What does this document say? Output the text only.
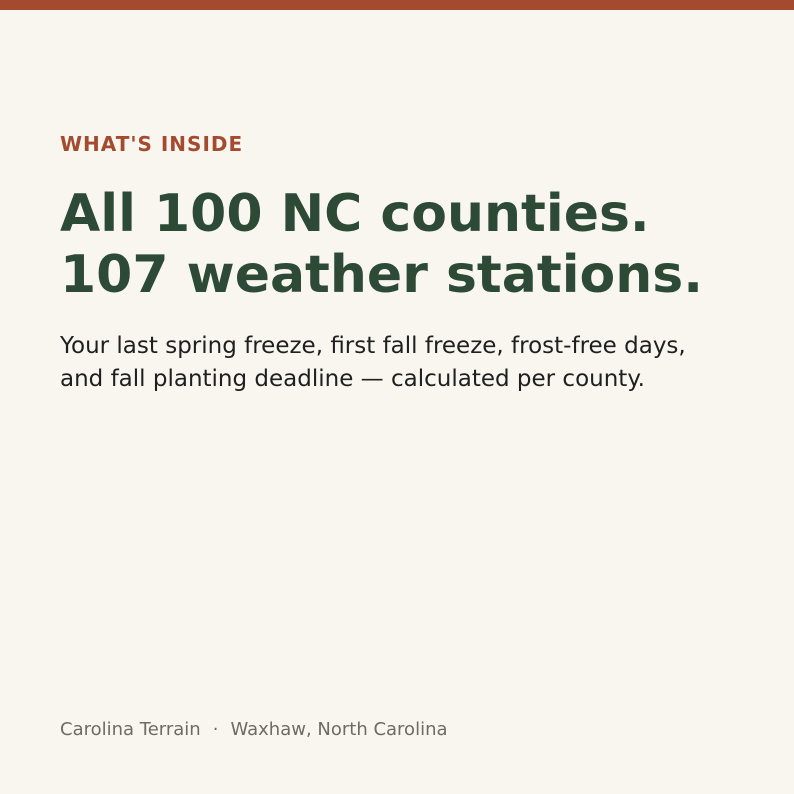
WHAT'S INSIDE

All 100 NC counties.
107 weather stations.

Your last spring freeze, first fall freeze, frost-free days,
and fall planting deadline — calculated per county.

Carolina Terrain · Waxhaw, North Carolina
